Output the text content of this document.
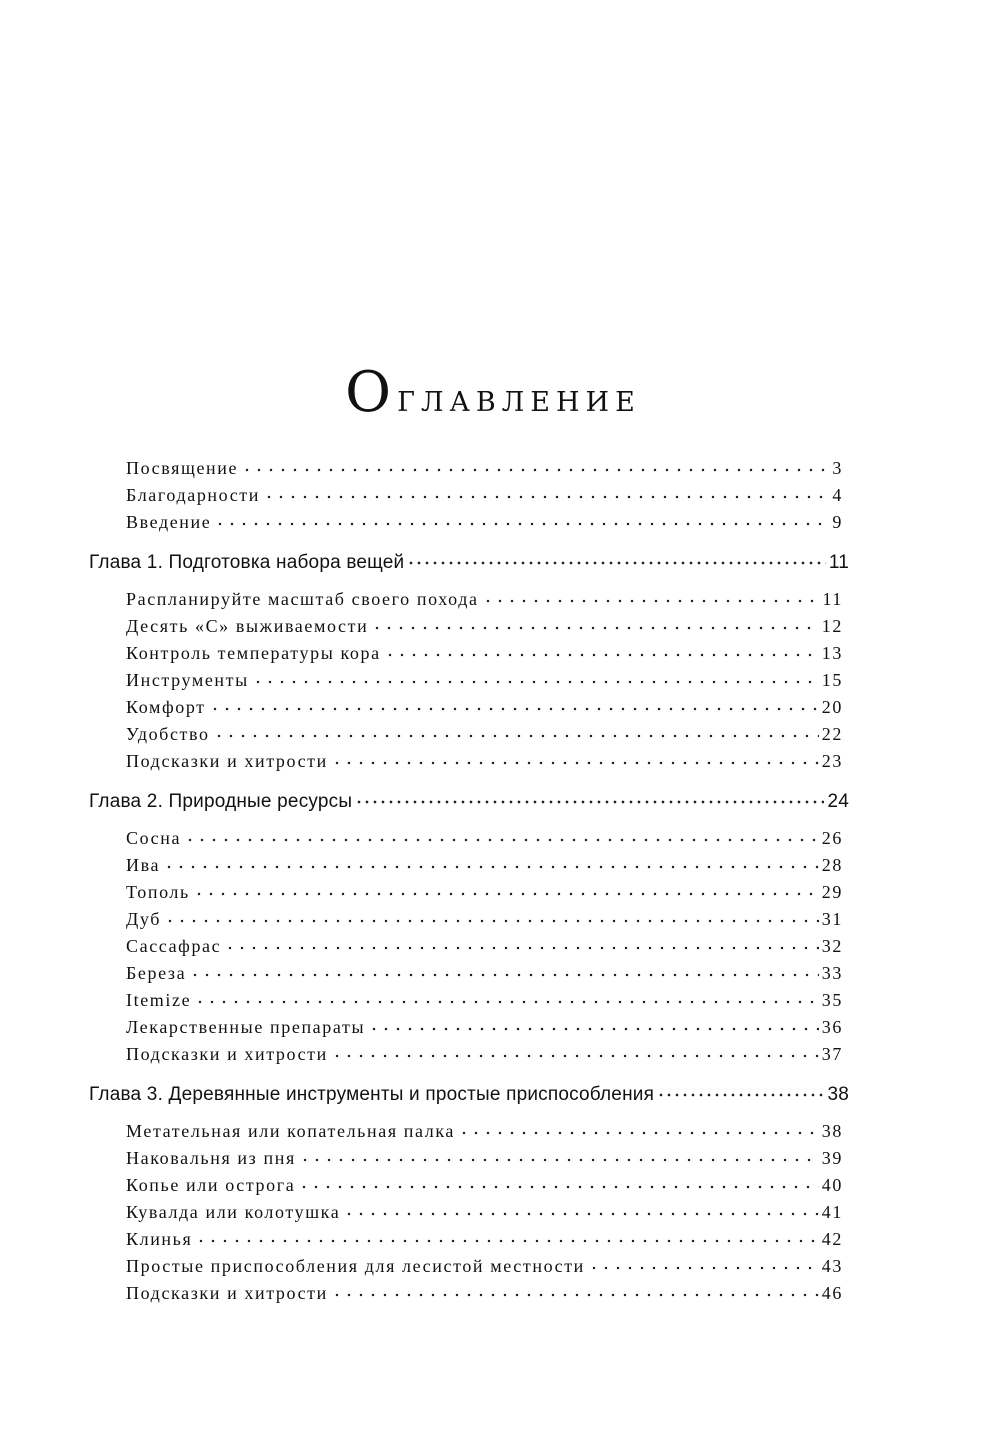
Оглавление
Посвящение	3
Благодарности	4
Введение	9
Глава 1. Подготовка набора вещей	11
Распланируйте масштаб своего похода	11
Десять «С» выживаемости	12
Контроль температуры кора	13
Инструменты	15
Комфорт	20
Удобство	22
Подсказки и хитрости	23
Глава 2. Природные ресурсы	24
Сосна	26
Ива	28
Тополь	29
Дуб	31
Сассафрас	32
Береза	33
Itemize	35
Лекарственные препараты	36
Подсказки и хитрости	37
Глава 3. Деревянные инструменты и простые приспособления	38
Метательная или копательная палка	38
Наковальня из пня	39
Копье или острога	40
Кувалда или колотушка	41
Клинья	42
Простые приспособления для лесистой местности	43
Подсказки и хитрости	46
